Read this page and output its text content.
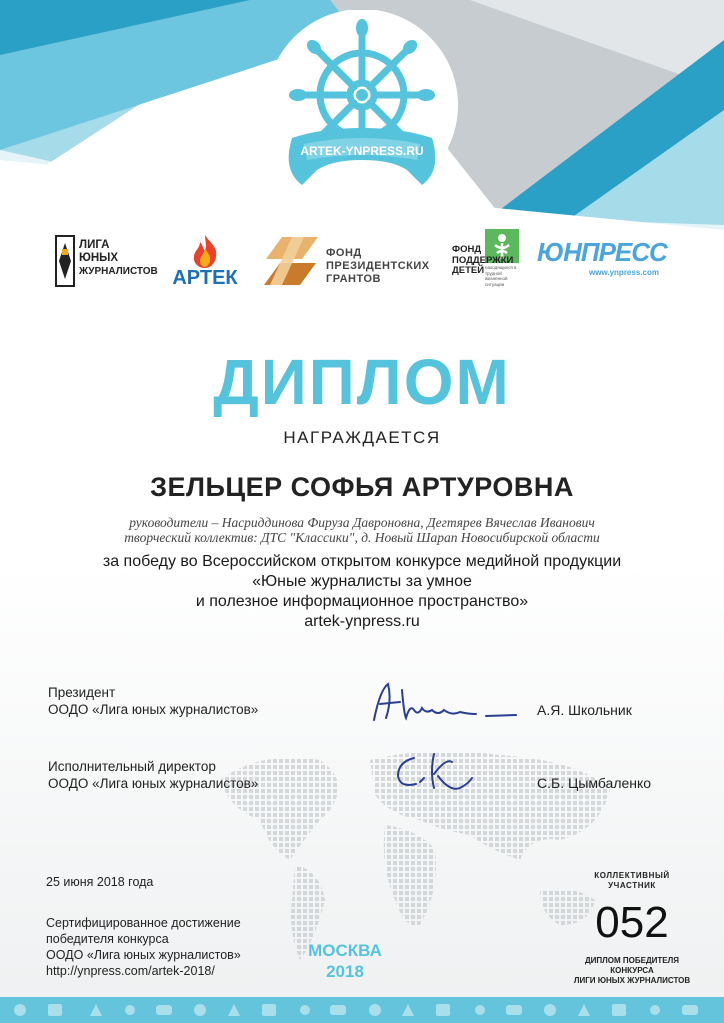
ARTEK-YNPRESS.RU
ЛИГА
ЮНЫХ
ЖУРНАЛИСТОВ АРТЕК
ФОНД
ПРЕЗИДЕНТСКИХ
ГРАНТОВ
ФОНД
ПОДДЕРЖКИ
ДЕТЕЙ находящихся в трудной жизненной ситуации
ЮНПРЕСС
www.ynpress.com
ДИПЛОМ
НАГРАЖДАЕТСЯ
ЗЕЛЬЦЕР СОФЬЯ АРТУРОВНА
руководители – Насриддинова Фируза Давроновна, Дегтярев Вячеслав Иванович
творческий коллектив: ДТС "Классики", д. Новый Шарап Новосибирской области
за победу во Всероссийском открытом конкурсе медийной продукции
«Юные журналисты за умное
и полезное информационное пространство»
artek-ynpress.ru
Президент
ООДО «Лига юных журналистов»	А.Я. Школьник
Исполнительный директор
ООДО «Лига юных журналистов»	С.Б. Цымбаленко
25 июня 2018 года
Сертифицированное достижение
победителя конкурса
ООДО «Лига юных журналистов»
http://ynpress.com/artek-2018/
МОСКВА
2018
КОЛЛЕКТИВНЫЙ
УЧАСТНИК
052
ДИПЛОМ ПОБЕДИТЕЛЯ
КОНКУРСА
ЛИГИ ЮНЫХ ЖУРНАЛИСТОВ
